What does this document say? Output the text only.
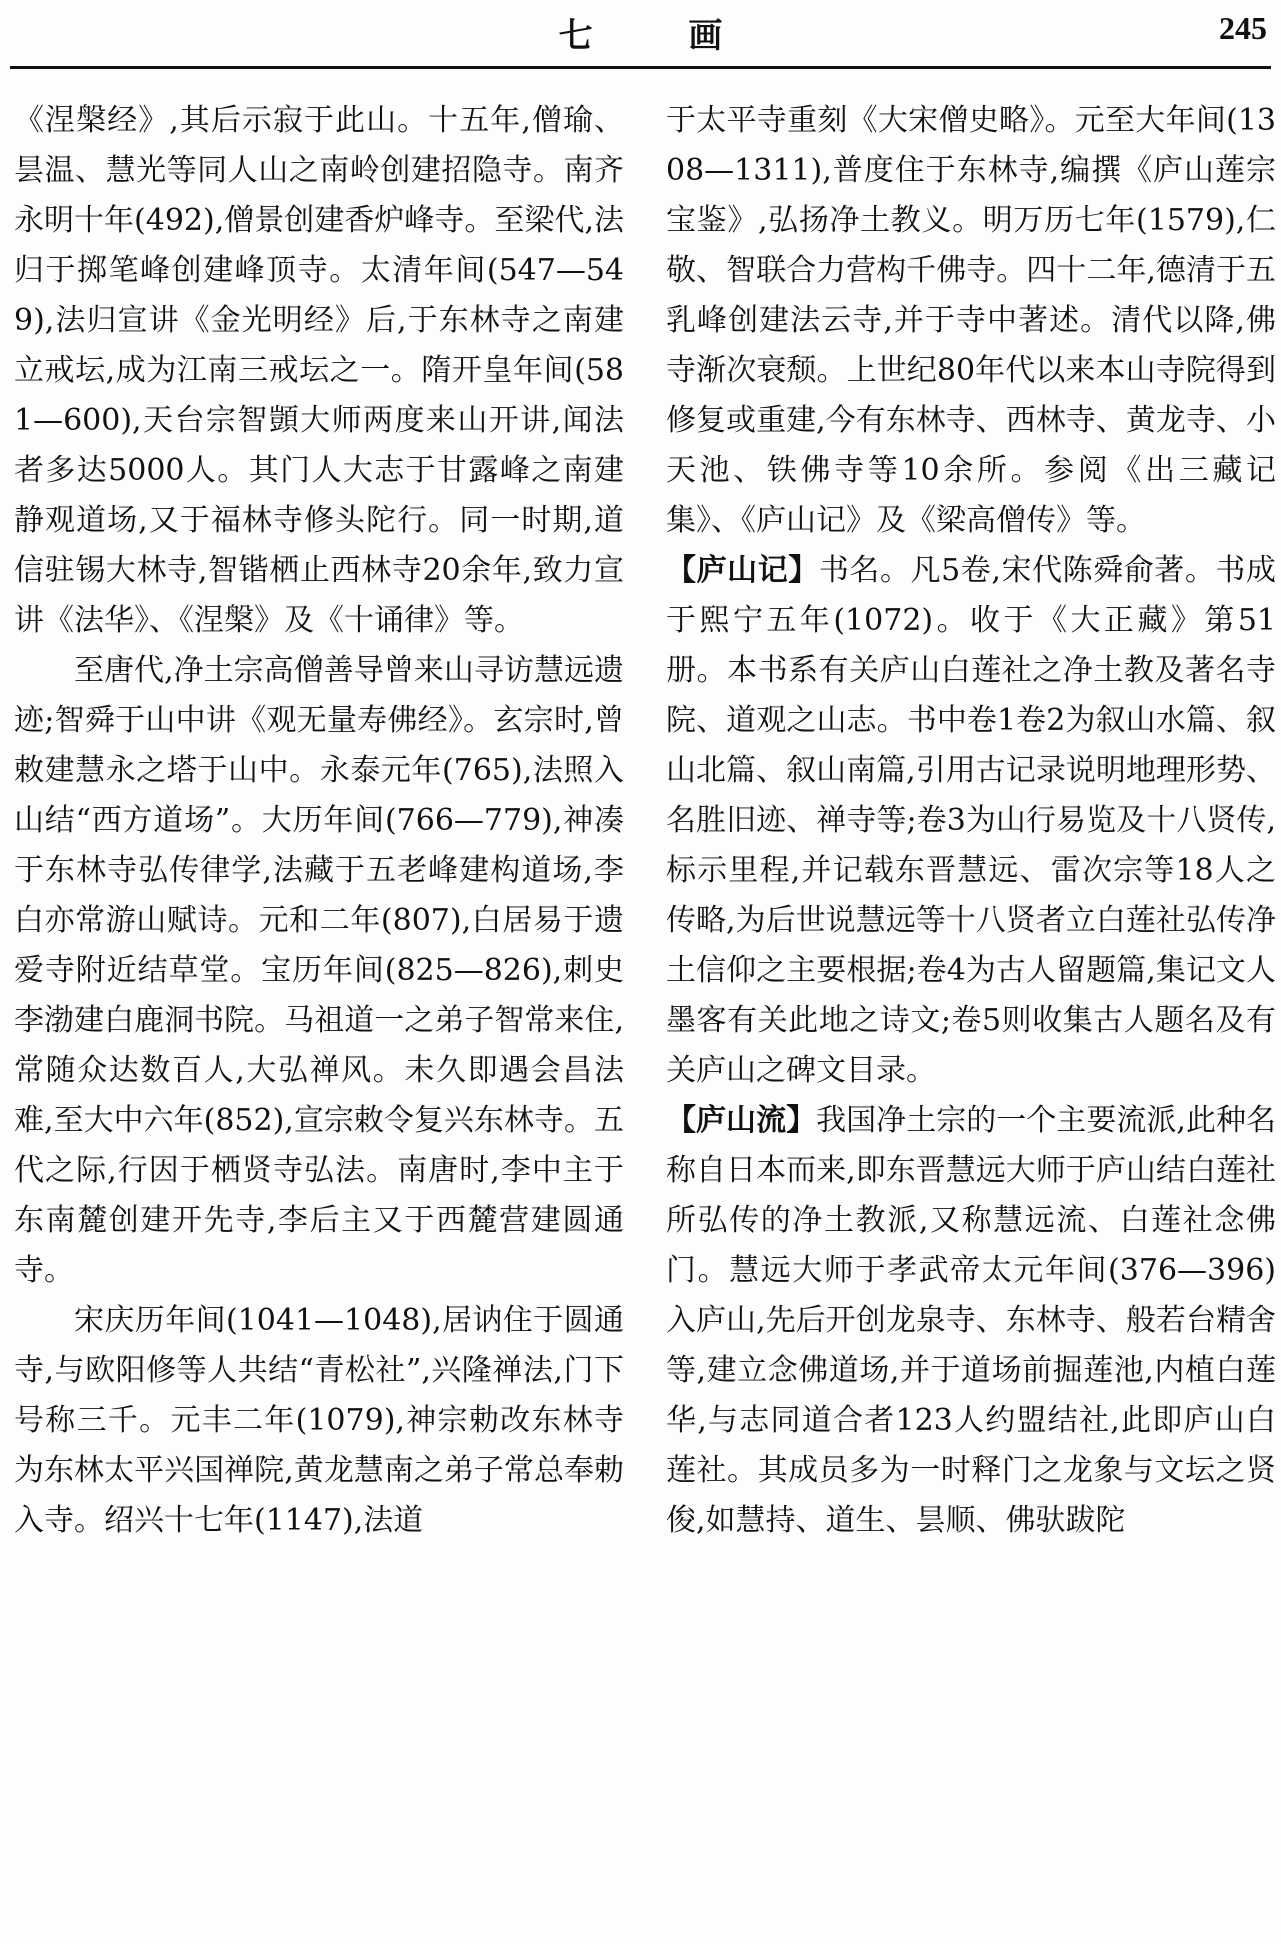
七 画	245

《涅槃经》,其后示寂于此山。十五年,僧瑜、昙温、慧光等同人山之南岭创建招隐寺。南齐永明十年(492),僧景创建香炉峰寺。至梁代,法归于掷笔峰创建峰顶寺。太清年间(547—549),法归宣讲《金光明经》后,于东林寺之南建立戒坛,成为江南三戒坛之一。隋开皇年间(581—600),天台宗智顗大师两度来山开讲,闻法者多达5000人。其门人大志于甘露峰之南建静观道场,又于福林寺修头陀行。同一时期,道信驻锡大林寺,智锴栖止西林寺20余年,致力宣讲《法华》、《涅槃》及《十诵律》等。

至唐代,净土宗高僧善导曾来山寻访慧远遗迹;智舜于山中讲《观无量寿佛经》。玄宗时,曾敕建慧永之塔于山中。永泰元年(765),法照入山结“西方道场”。大历年间(766—779),神凑于东林寺弘传律学,法藏于五老峰建构道场,李白亦常游山赋诗。元和二年(807),白居易于遗爱寺附近结草堂。宝历年间(825—826),刺史李渤建白鹿洞书院。马祖道一之弟子智常来住,常随众达数百人,大弘禅风。未久即遇会昌法难,至大中六年(852),宣宗敕令复兴东林寺。五代之际,行因于栖贤寺弘法。南唐时,李中主于东南麓创建开先寺,李后主又于西麓营建圆通寺。

宋庆历年间(1041—1048),居讷住于圆通寺,与欧阳修等人共结“青松社”,兴隆禅法,门下号称三千。元丰二年(1079),神宗勅改东林寺为东林太平兴国禅院,黄龙慧南之弟子常总奉勅入寺。绍兴十七年(1147),法道

于太平寺重刻《大宋僧史略》。元至大年间(1308—1311),普度住于东林寺,编撰《庐山莲宗宝鉴》,弘扬净土教义。明万历七年(1579),仁敬、智联合力营构千佛寺。四十二年,德清于五乳峰创建法云寺,并于寺中著述。清代以降,佛寺渐次衰颓。上世纪80年代以来本山寺院得到修复或重建,今有东林寺、西林寺、黄龙寺、小天池、铁佛寺等10余所。参阅《出三藏记集》、《庐山记》及《梁高僧传》等。

【庐山记】书名。凡5卷,宋代陈舜俞著。书成于熙宁五年(1072)。收于《大正藏》第51册。本书系有关庐山白莲社之净土教及著名寺院、道观之山志。书中卷1卷2为叙山水篇、叙山北篇、叙山南篇,引用古记录说明地理形势、名胜旧迹、禅寺等;卷3为山行易览及十八贤传,标示里程,并记载东晋慧远、雷次宗等18人之传略,为后世说慧远等十八贤者立白莲社弘传净土信仰之主要根据;卷4为古人留题篇,集记文人墨客有关此地之诗文;卷5则收集古人题名及有关庐山之碑文目录。

【庐山流】我国净土宗的一个主要流派,此种名称自日本而来,即东晋慧远大师于庐山结白莲社所弘传的净土教派,又称慧远流、白莲社念佛门。慧远大师于孝武帝太元年间(376—396)入庐山,先后开创龙泉寺、东林寺、般若台精舍等,建立念佛道场,并于道场前掘莲池,内植白莲华,与志同道合者123人约盟结社,此即庐山白莲社。其成员多为一时释门之龙象与文坛之贤俊,如慧持、道生、昙顺、佛驮跋陀
